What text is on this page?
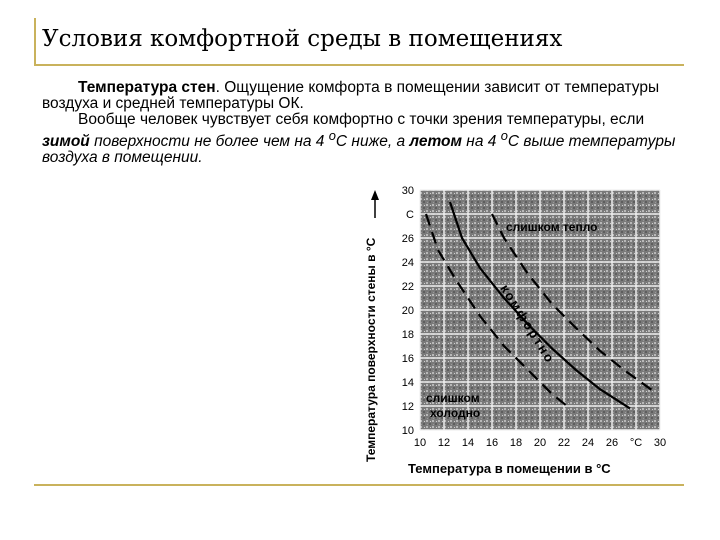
Условия комфортной среды в помещениях

Температура стен. Ощущение комфорта в помещении зависит от температуры воздуха и средней температуры ОК.

Вообще человек чувствует себя комфортно с точки зрения температуры, если зимой поверхности не более чем на 4 $^о$С ниже, а летом на 4 $^о$С выше температуры воздуха в помещении.

10 12 14 16 18 20 22 24 26 °С 30
10
12
14
16
18
20
22
24
26
С
30
слишком тепло
комфортно
слишком
холодно
Температура в помещении в °С
Температура поверхности стены в °С
